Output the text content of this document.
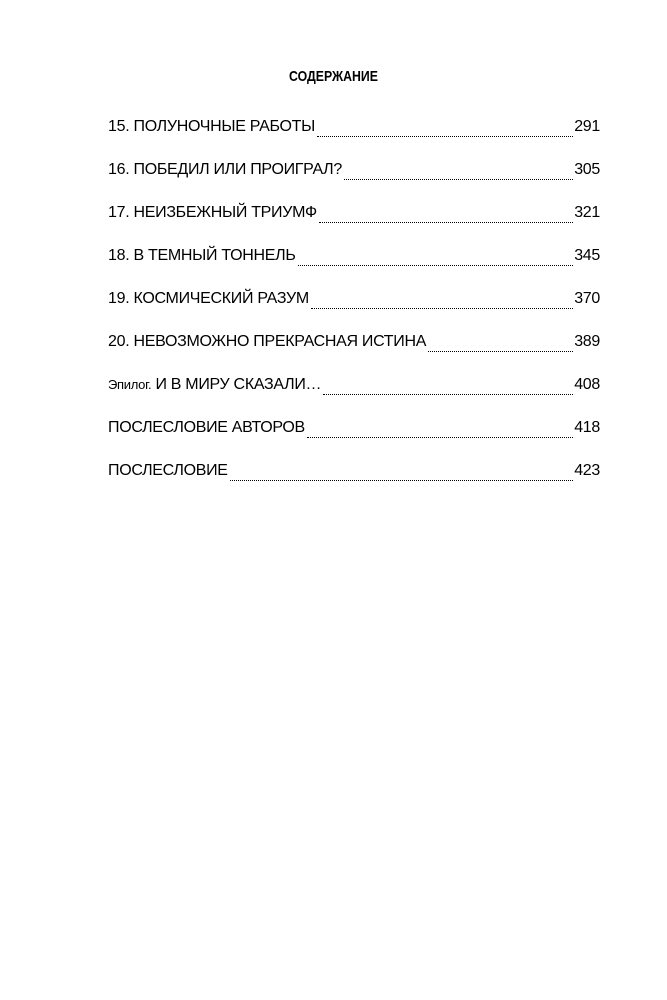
СОДЕРЖАНИЕ
15. ПОЛУНОЧНЫЕ РАБОТЫ	291
16. ПОБЕДИЛ ИЛИ ПРОИГРАЛ?	305
17. НЕИЗБЕЖНЫЙ ТРИУМФ	321
18. В ТЕМНЫЙ ТОННЕЛЬ	345
19. КОСМИЧЕСКИЙ РАЗУМ	370
20. НЕВОЗМОЖНО ПРЕКРАСНАЯ ИСТИНА	389
Эпилог. И В МИРУ СКАЗАЛИ…	408
ПОСЛЕСЛОВИЕ АВТОРОВ	418
ПОСЛЕСЛОВИЕ	423
